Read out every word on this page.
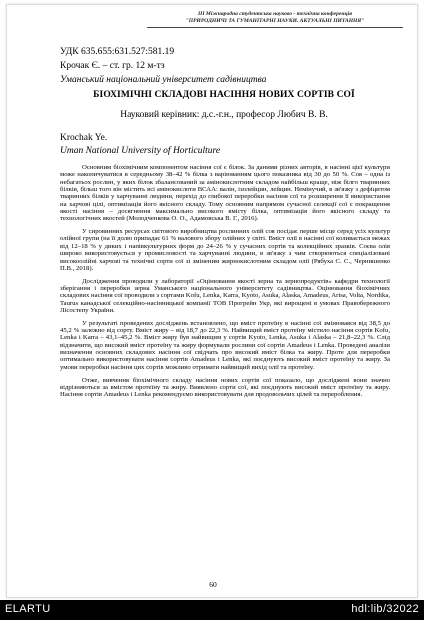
III Міжнародна студентська науково - технічна конференція
"ПРИРОДНИЧІ ТА ГУМАНІТАРНІ НАУКИ. АКТУАЛЬНІ ПИТАННЯ"
УДК 635.655:631.527:581.19
Крочак Є. – ст. гр. 12 м-тз
Уманський національний університет садівництва
БІОХІМІЧНІ СКЛАДОВІ НАСІННЯ НОВИХ СОРТІВ СОЇ
Науковий керівник: д.с.-г.н., професор Любич В. В.
Krochak Ye.
Uman National University of Horticulture

Основним біохімічним компонентом насіння сої є білок. За даними різних авторів, в насінні цієї культури може накопичуватися в середньому 38–42 % білка з варіюванням цього показника від 30 до 50 %. Соя – одна із небагатьох рослин, у яких білок збалансований за амінокислотним складом найбільш краще, ніж білго тваринних білків, більш того він містить всі амінокислоти ВСАА: валін, ізолейцин, лейцин. Немінучий, в зв'язку з дефіцитом тваринних білків у харчуванні людини, перехід до глибокої переробки насіння сої та розширення її використання на харчові цілі, оптимізація його якісного складу. Тому основним напрямом сучасної селекції сої є покращення якості насіння – досягнення максимально високого вмісту білка, оптимізація його якісного складу та технологічних якостей (Молодченкова О. О., Адамовська В. Г., 2016).

У сировинних ресурсах світового виробництва рослинних олій соя посідає перше місце серед усіх культур олійної групи (на її долю припадає 61 % валового збору олійних у світі. Вміст олії в насінні сої коливається межах від 12–18 % у диких і напівкультурних форм до 24–26 % у сучасних сортів та колекційних зразків. Соєва олія широко використовується у промисловості та харчуванні людини, в зв'язку з чим створюються спеціалізовані високоолійні харчові та технічні сорти сої зі зміненим жирнокислотним складом олії (Рябуха С. С., Чернишенко П.В., 2018).

Дослідження проводили у лабораторії «Оцінювання якості зерна та зернопродуктів» кафедри технології зберігання і переробки зерна Уманського національного університету садівництва. Оцінювання біохімічних складових насіння сої проводили з сортами Kofu, Lenka, Karra, Kyoto, Asuka, Alaska, Amadeus, Arisa, Volta, Nordika, Taurus канадської селекційно-насінницької компанії ТОВ Прогрейн Укр, які вирощені в умовах Правобережного Лісостепу України.

У результаті проведених досліджень встановлено, що вміст протеїну в насінні сої змінювався від 38,5 до 45,2 % залежно від сорту. Вміст жиру – від 18,7 до 22,3 %. Найвищий вміст протеїну містило насіння сортів Kofu, Lenka і Karra – 43,1–45,2 %. Вміст жиру був найвищим у сортів Kyoto, Lenka, Asuka і Alaska – 21,8–22,3 %. Слід відзначити, що високий вміст протеїну та жиру формували рослини сої сортів Amadeus і Lenka. Проведені аналізи визначення основних складових насіння сої свідчать про високий вміст білка та жиру. Проте для переробки оптимально використовувати насіння сортів Amadeus і Lenka, які поєднують високий вміст протеїну та жиру. За умови переробки насіння цих сортів можливо отримати найвищий вихід олії та протеїну.

Отже, вивчення біохімічного складу насіння нових сортів сої показало, що досліджені вони значно відрізняються за вмістом протеїну та жиру. Виявлено сорти сої, які поєднують високий вміст протеїну та жиру. Насіння сортів Amadeus і Lenka рекомендуємо використовувати для продовольчих цілей та переробления.

60
ELARTU	hdl:lib/32022
